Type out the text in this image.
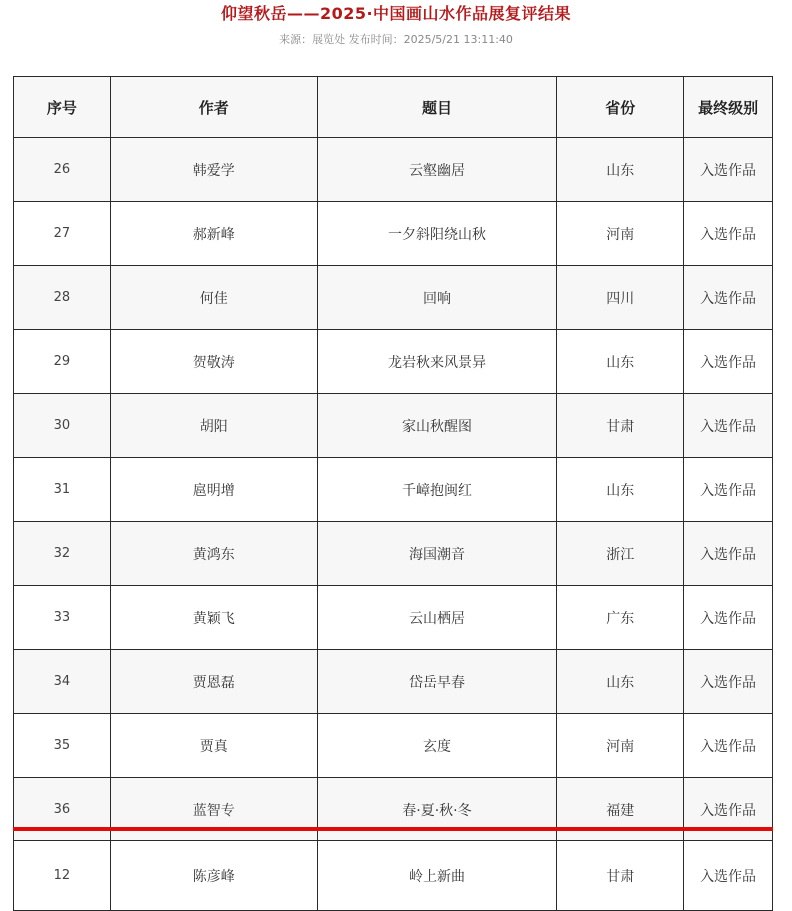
仰望秋岳——2025·中国画山水作品展复评结果
来源：展览处 发布时间：2025/5/21 13:11:40
序号	作者	题目	省份	最终级别
26	韩爱学	云壑幽居	山东	入选作品
27	郝新峰	一夕斜阳绕山秋	河南	入选作品
28	何佳	回响	四川	入选作品
29	贺敬涛	龙岩秋来风景异	山东	入选作品
30	胡阳	家山秋醒图	甘肃	入选作品
31	扈明增	千嶂抱闽红	山东	入选作品
32	黄鸿东	海国潮音	浙江	入选作品
33	黄颖飞	云山栖居	广东	入选作品
34	贾恩磊	岱岳早春	山东	入选作品
35	贾真	玄度	河南	入选作品
36	蓝智专	春·夏·秋·冬	福建	入选作品
12	陈彦峰	岭上新曲	甘肃	入选作品
